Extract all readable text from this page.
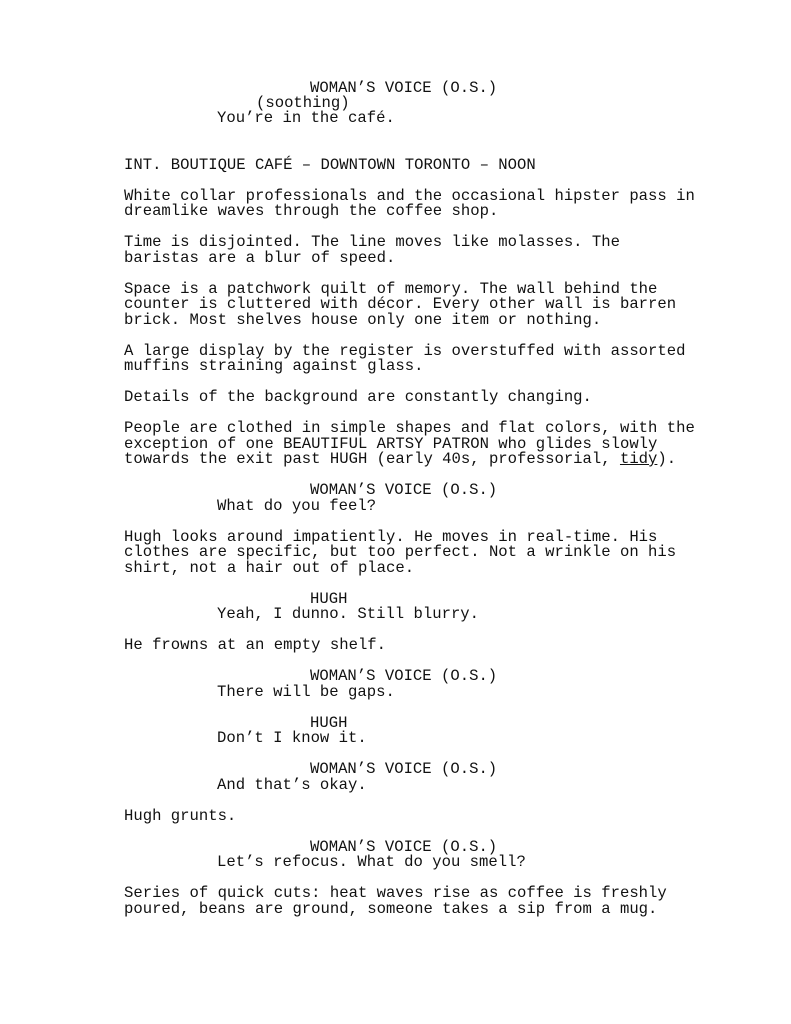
WOMAN’S VOICE (O.S.)
(soothing)
You’re in the café.
INT. BOUTIQUE CAFÉ – DOWNTOWN TORONTO – NOON
White collar professionals and the occasional hipster pass in
dreamlike waves through the coffee shop.
Time is disjointed. The line moves like molasses. The
baristas are a blur of speed.
Space is a patchwork quilt of memory. The wall behind the
counter is cluttered with décor. Every other wall is barren
brick. Most shelves house only one item or nothing.
A large display by the register is overstuffed with assorted
muffins straining against glass.
Details of the background are constantly changing.
People are clothed in simple shapes and flat colors, with the
exception of one BEAUTIFUL ARTSY PATRON who glides slowly
towards the exit past HUGH (early 40s, professorial, tidy).
WOMAN’S VOICE (O.S.)
What do you feel?
Hugh looks around impatiently. He moves in real-time. His
clothes are specific, but too perfect. Not a wrinkle on his
shirt, not a hair out of place.
HUGH
Yeah, I dunno. Still blurry.
He frowns at an empty shelf.
WOMAN’S VOICE (O.S.)
There will be gaps.
HUGH
Don’t I know it.
WOMAN’S VOICE (O.S.)
And that’s okay.
Hugh grunts.
WOMAN’S VOICE (O.S.)
Let’s refocus. What do you smell?
Series of quick cuts: heat waves rise as coffee is freshly
poured, beans are ground, someone takes a sip from a mug.
